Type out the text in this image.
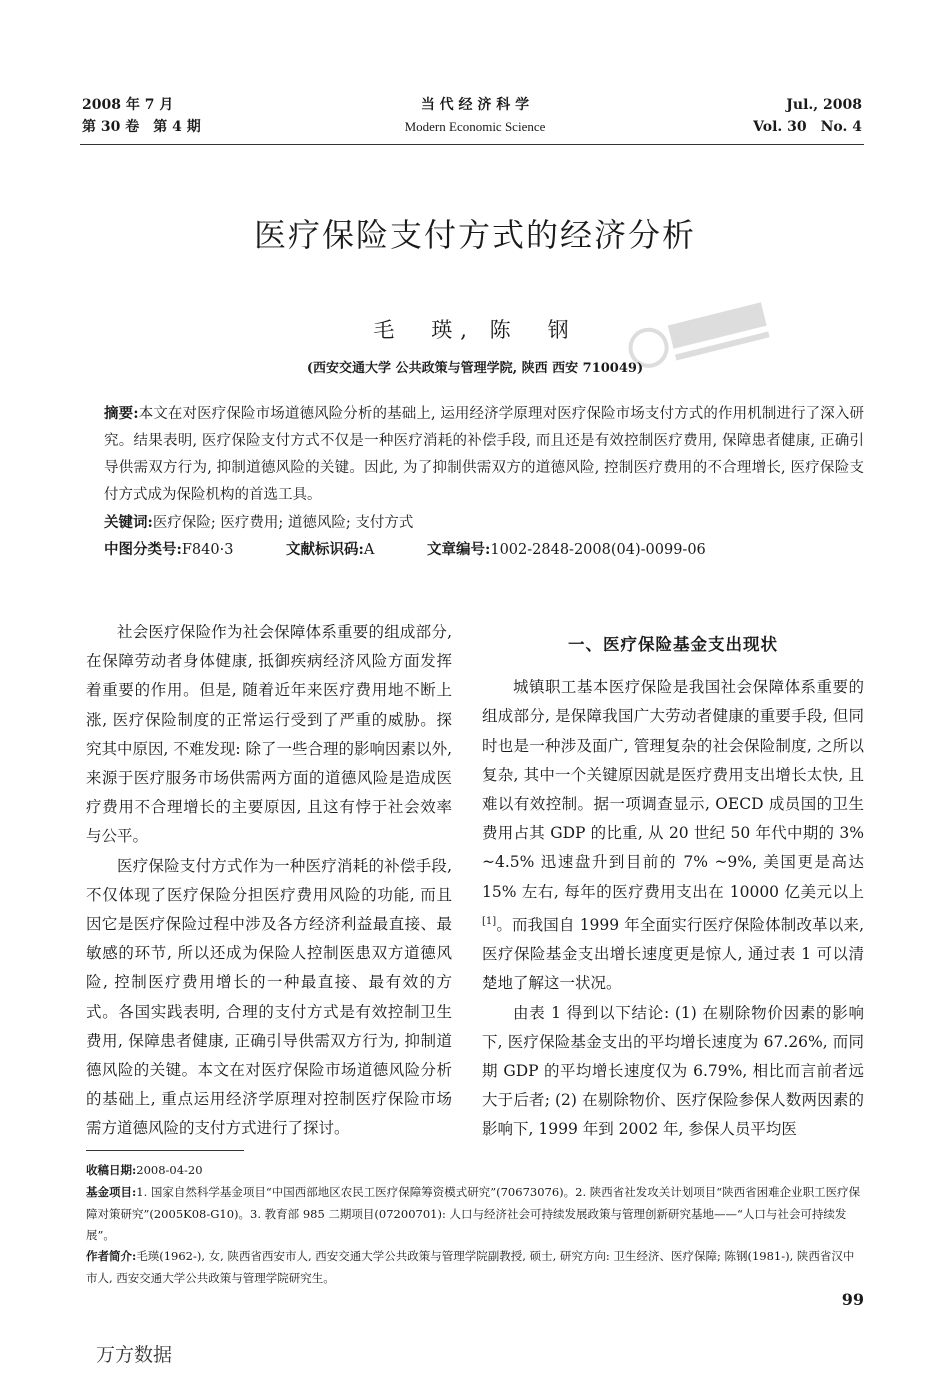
2008 年 7 月
第 30 卷　第 4 期
当 代 经 济 科 学
Modern Economic Science
Jul., 2008
Vol. 30　No. 4
医疗保险支付方式的经济分析
毛　瑛, 陈　钢
(西安交通大学 公共政策与管理学院, 陕西 西安 710049)
摘要:本文在对医疗保险市场道德风险分析的基础上, 运用经济学原理对医疗保险市场支付方式的作用机制进行了深入研究。结果表明, 医疗保险支付方式不仅是一种医疗消耗的补偿手段, 而且还是有效控制医疗费用, 保障患者健康, 正确引导供需双方行为, 抑制道德风险的关键。因此, 为了抑制供需双方的道德风险, 控制医疗费用的不合理增长, 医疗保险支付方式成为保险机构的首选工具。
关键词:医疗保险; 医疗费用; 道德风险; 支付方式
中图分类号:F840·3	文献标识码:A	文章编号:1002-2848-2008(04)-0099-06

社会医疗保险作为社会保障体系重要的组成部分, 在保障劳动者身体健康, 抵御疾病经济风险方面发挥着重要的作用。但是, 随着近年来医疗费用地不断上涨, 医疗保险制度的正常运行受到了严重的威胁。探究其中原因, 不难发现: 除了一些合理的影响因素以外, 来源于医疗服务市场供需两方面的道德风险是造成医疗费用不合理增长的主要原因, 且这有悖于社会效率与公平。

医疗保险支付方式作为一种医疗消耗的补偿手段, 不仅体现了医疗保险分担医疗费用风险的功能, 而且因它是医疗保险过程中涉及各方经济利益最直接、最敏感的环节, 所以还成为保险人控制医患双方道德风险, 控制医疗费用增长的一种最直接、最有效的方式。各国实践表明, 合理的支付方式是有效控制卫生费用, 保障患者健康, 正确引导供需双方行为, 抑制道德风险的关键。本文在对医疗保险市场道德风险分析的基础上, 重点运用经济学原理对控制医疗保险市场需方道德风险的支付方式进行了探讨。

一、医疗保险基金支出现状

城镇职工基本医疗保险是我国社会保障体系重要的组成部分, 是保障我国广大劳动者健康的重要手段, 但同时也是一种涉及面广, 管理复杂的社会保险制度, 之所以复杂, 其中一个关键原因就是医疗费用支出增长太快, 且难以有效控制。据一项调查显示, OECD 成员国的卫生费用占其 GDP 的比重, 从 20 世纪 50 年代中期的 3% ~4.5% 迅速盘升到目前的 7% ~9%, 美国更是高达 15% 左右, 每年的医疗费用支出在 10000 亿美元以上[1]。而我国自 1999 年全面实行医疗保险体制改革以来, 医疗保险基金支出增长速度更是惊人, 通过表 1 可以清楚地了解这一状况。

由表 1 得到以下结论: (1) 在剔除物价因素的影响下, 医疗保险基金支出的平均增长速度为 67.26%, 而同期 GDP 的平均增长速度仅为 6.79%, 相比而言前者远大于后者; (2) 在剔除物价、医疗保险参保人数两因素的影响下, 1999 年到 2002 年, 参保人员平均医

收稿日期:2008-04-20
基金项目:1. 国家自然科学基金项目“中国西部地区农民工医疗保障筹资模式研究”(70673076)。2. 陕西省社发攻关计划项目“陕西省困难企业职工医疗保障对策研究”(2005K08-G10)。3. 教育部 985 二期项目(07200701): 人口与经济社会可持续发展政策与管理创新研究基地——“人口与社会可持续发展”。
作者简介:毛瑛(1962-), 女, 陕西省西安市人, 西安交通大学公共政策与管理学院副教授, 硕士, 研究方向: 卫生经济、医疗保障; 陈钢(1981-), 陕西省汉中市人, 西安交通大学公共政策与管理学院研究生。
99
万方数据
